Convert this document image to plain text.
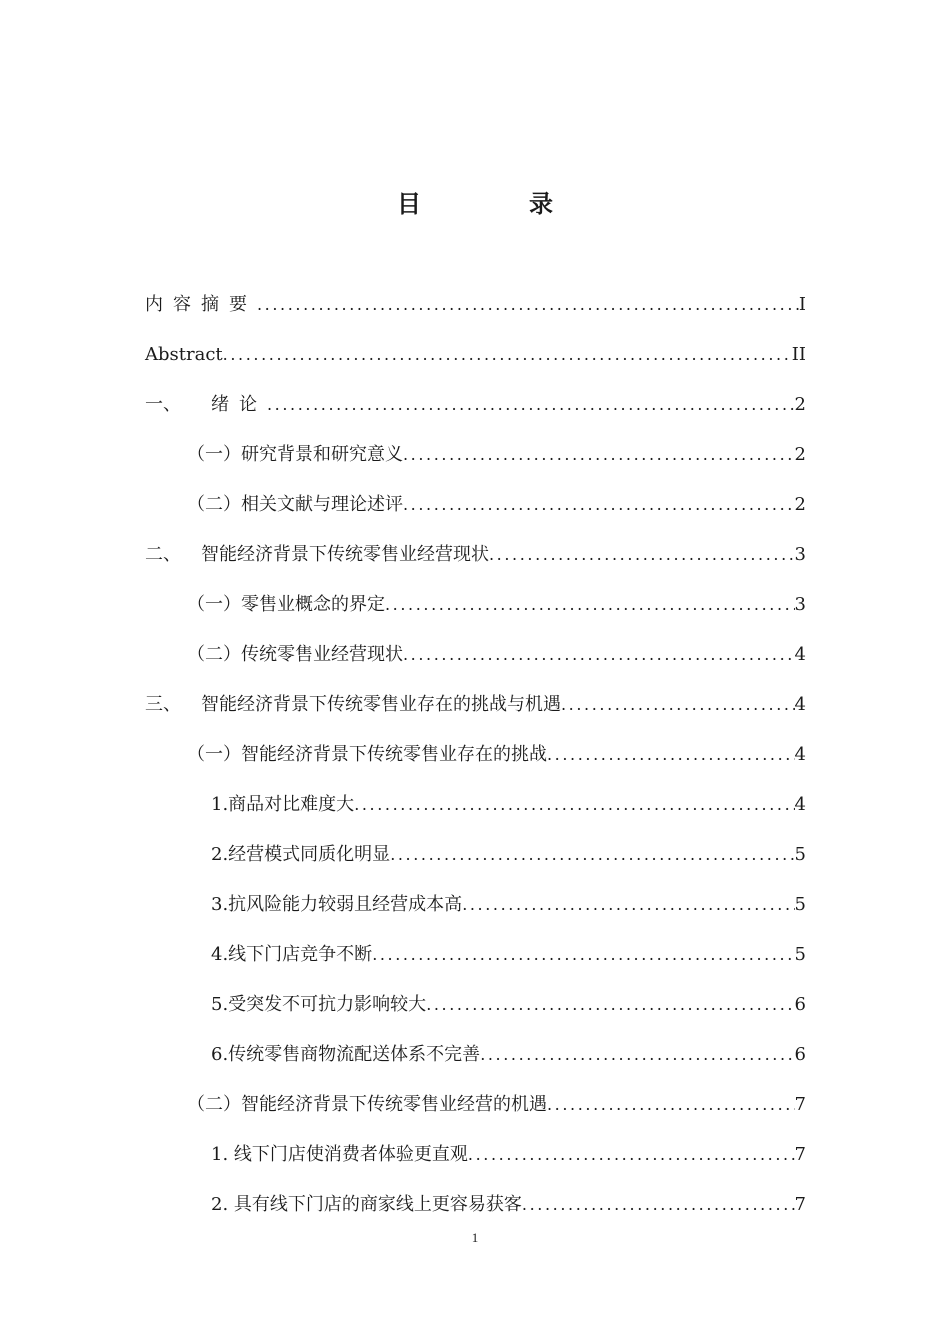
目　录
内容摘要 .....	I
Abstract .....	II
一、 绪论 .....	2
（一）研究背景和研究意义 .....	2
（二）相关文献与理论述评 .....	2
二、 智能经济背景下传统零售业经营现状 .....	3
（一）零售业概念的界定 .....	3
（二）传统零售业经营现状 .....	4
三、 智能经济背景下传统零售业存在的挑战与机遇 .....	4
（一）智能经济背景下传统零售业存在的挑战 .....	4
1.商品对比难度大 .....	4
2.经营模式同质化明显 .....	5
3.抗风险能力较弱且经营成本高 .....	5
4.线下门店竞争不断 .....	5
5.受突发不可抗力影响较大 .....	6
6.传统零售商物流配送体系不完善 .....	6
（二）智能经济背景下传统零售业经营的机遇 .....	7
1. 线下门店使消费者体验更直观 .....	7
2. 具有线下门店的商家线上更容易获客 .....	7
1
